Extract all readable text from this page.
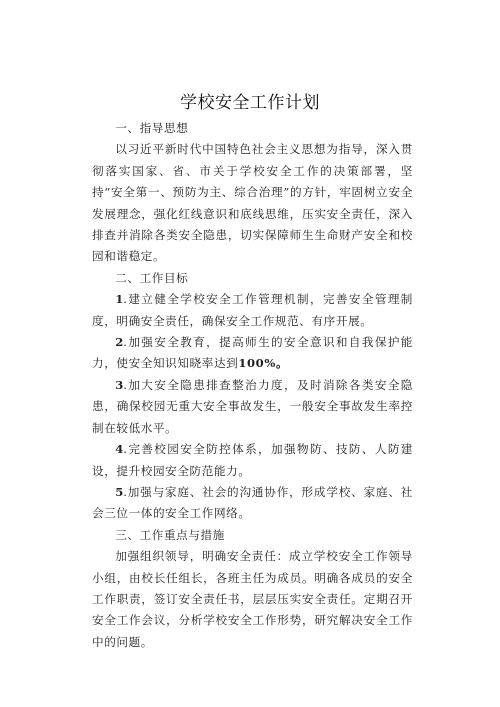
学校安全工作计划

一、指导思想

以习近平新时代中国特色社会主义思想为指导，深入贯彻落实国家、省、市关于学校安全工作的决策部署，坚持“安全第一、预防为主、综合治理”的方针，牢固树立安全发展理念，强化红线意识和底线思维，压实安全责任，深入排查并消除各类安全隐患，切实保障师生生命财产安全和校园和谐稳定。

二、工作目标

1.建立健全学校安全工作管理机制，完善安全管理制度，明确安全责任，确保安全工作规范、有序开展。

2.加强安全教育，提高师生的安全意识和自我保护能力，使安全知识知晓率达到100%。

3.加大安全隐患排查整治力度，及时消除各类安全隐患，确保校园无重大安全事故发生，一般安全事故发生率控制在较低水平。

4.完善校园安全防控体系，加强物防、技防、人防建设，提升校园安全防范能力。

5.加强与家庭、社会的沟通协作，形成学校、家庭、社会三位一体的安全工作网络。

三、工作重点与措施

加强组织领导，明确安全责任：成立学校安全工作领导小组，由校长任组长，各班主任为成员。明确各成员的安全工作职责，签订安全责任书，层层压实安全责任。定期召开安全工作会议，分析学校安全工作形势，研究解决安全工作中的问题。
